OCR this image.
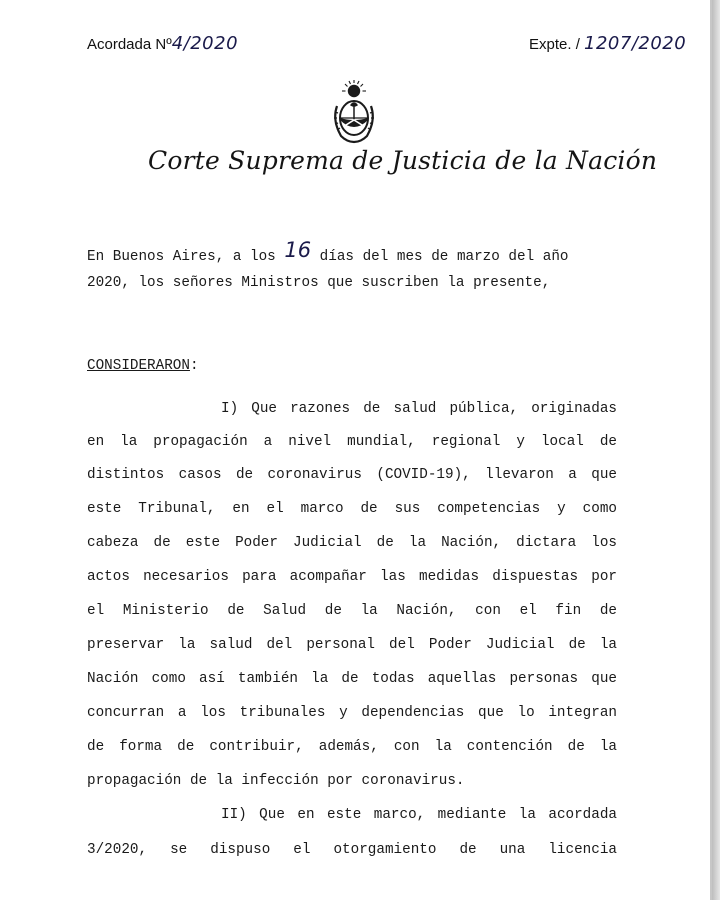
Acordada Nº4/2020	Expte. / 1207/2020
Corte Suprema de Justicia de la Nación
En Buenos Aires, a los 16 días del mes de marzo del año
2020, los señores Ministros que suscriben la presente,
CONSIDERARON:
I) Que razones de salud pública, originadas
en la propagación a nivel mundial, regional y local de
distintos casos de coronavirus (COVID-19), llevaron a que
este Tribunal, en el marco de sus competencias y como
cabeza de este Poder Judicial de la Nación, dictara los
actos necesarios para acompañar las medidas dispuestas por
el Ministerio de Salud de la Nación, con el fin de
preservar la salud del personal del Poder Judicial de la
Nación como así también la de todas aquellas personas que
concurran a los tribunales y dependencias que lo integran
de forma de contribuir, además, con la contención de la
propagación de la infección por coronavirus.
II) Que en este marco, mediante la acordada
3/2020, se dispuso el otorgamiento de una licencia
